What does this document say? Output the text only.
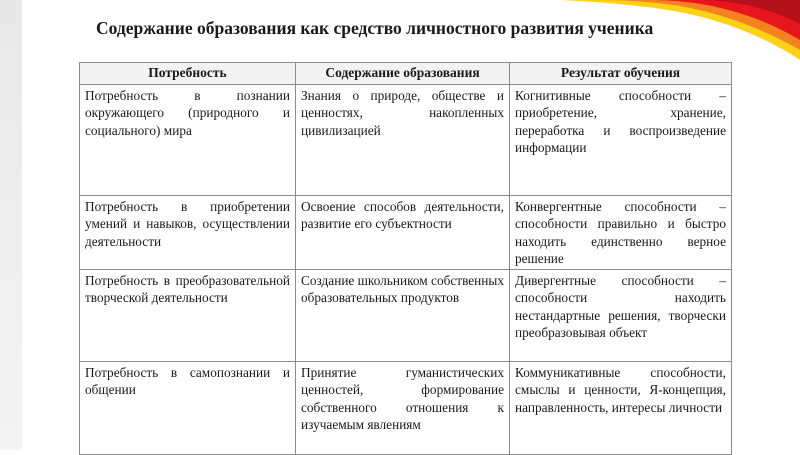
Содержание образования как средство личностного развития ученика
Потребность	Содержание образования	Результат обучения
Потребность в познании окружающего (природного и социального) мира	Знания о природе, обществе и ценностях, накопленных цивилизацией	Когнитивные способности – приобретение, хранение, переработка и воспроизведение информации
Потребность в приобретении умений и навыков, осуществлении деятельности	Освоение способов деятельности, развитие его субъектности	Конвергентные способности – способности правильно и быстро находить единственно верное решение
Потребность в преобразовательной творческой деятельности	Создание школьником собственных образовательных продуктов	Дивергентные способности – способности находить нестандартные решения, творчески преобразовывая объект
Потребность в самопознании и общении	Принятие гуманистических ценностей, формирование собственного отношения к изучаемым явлениям	Коммуникативные способности, смыслы и ценности, Я-концепция, направленность, интересы личности
